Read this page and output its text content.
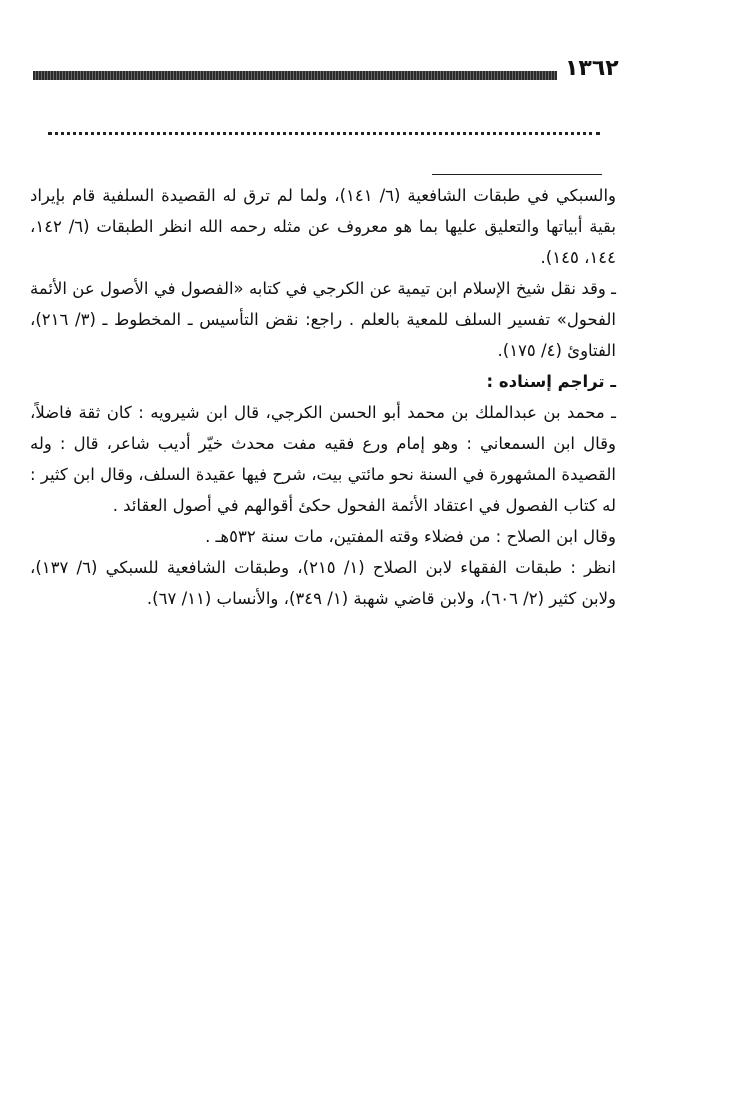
١٣٦٢

والسبكي في طبقات الشافعية (٦/ ١٤١)، ولما لم ترق له القصيدة السلفية قام بإيراد بقية أبياتها والتعليق عليها بما هو معروف عن مثله رحمه الله انظر الطبقات (٦/ ١٤٢، ١٤٤، ١٤٥).

ـ وقد نقل شيخ الإسلام ابن تيمية عن الكرجي في كتابه «الفصول في الأصول عن الأئمة الفحول» تفسير السلف للمعية بالعلم . راجع: نقض التأسيس ـ المخطوط ـ (٣/ ٢١٦)، الفتاوئ (٤/ ١٧٥).

ـ تراجم إسناده :

ـ محمد بن عبدالملك بن محمد أبو الحسن الكرجي، قال ابن شيرويه : كان ثقة فاضلاً، وقال ابن السمعاني : وهو إمام ورع فقيه مفت محدث خيّر أديب شاعر، قال : وله القصيدة المشهورة في السنة نحو مائتي بيت، شرح فيها عقيدة السلف، وقال ابن كثير : له كتاب الفصول في اعتقاد الأئمة الفحول حكئ أقوالهم في أصول العقائد .

وقال ابن الصلاح : من فضلاء وقته المفتين، مات سنة ٥٣٢هـ .

انظر : طبقات الفقهاء لابن الصلاح (١/ ٢١٥)، وطبقات الشافعية للسبكي (٦/ ١٣٧)، ولابن كثير (٢/ ٦٠٦)، ولابن قاضي شهبة (١/ ٣٤٩)، والأنساب (١١/ ٦٧).
